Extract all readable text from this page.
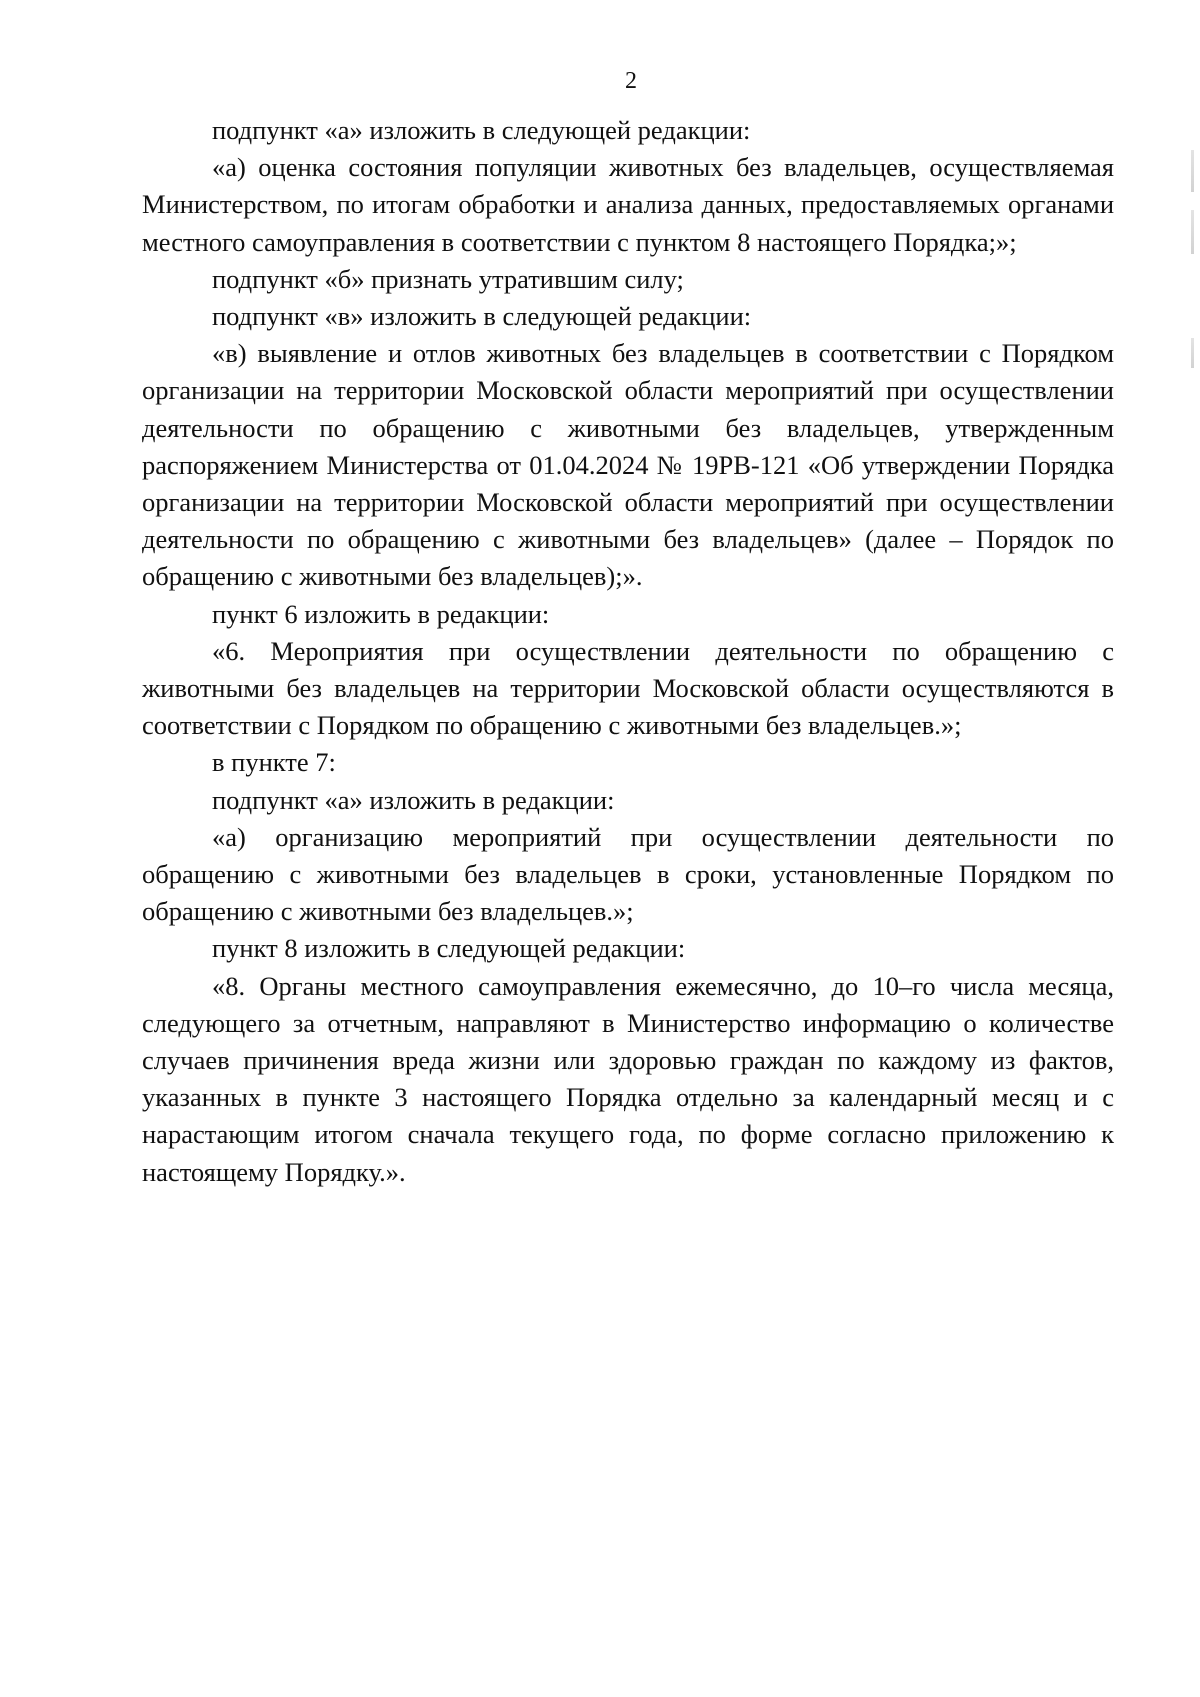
2

подпункт «а» изложить в следующей редакции:

«а) оценка состояния популяции животных без владельцев, осуществляемая Министерством, по итогам обработки и анализа данных, предоставляемых органами местного самоуправления в соответствии с пунктом 8 настоящего Порядка;»;

подпункт «б» признать утратившим силу;

подпункт «в» изложить в следующей редакции:

«в) выявление и отлов животных без владельцев в соответствии с Порядком организации на территории Московской области мероприятий при осуществлении деятельности по обращению с животными без владельцев, утвержденным распоряжением Министерства от 01.04.2024 № 19РВ-121 «Об утверждении Порядка организации на территории Московской области мероприятий при осуществлении деятельности по обращению с животными без владельцев» (далее – Порядок по обращению с животными без владельцев);».

пункт 6 изложить в редакции:

«6. Мероприятия при осуществлении деятельности по обращению с животными без владельцев на территории Московской области осуществляются в соответствии с Порядком по обращению с животными без владельцев.»;

в пункте 7:

подпункт «а» изложить в редакции:

«а) организацию мероприятий при осуществлении деятельности по обращению с животными без владельцев в сроки, установленные Порядком по обращению с животными без владельцев.»;

пункт 8 изложить в следующей редакции:

«8. Органы местного самоуправления ежемесячно, до 10–го числа месяца, следующего за отчетным, направляют в Министерство информацию о количестве случаев причинения вреда жизни или здоровью граждан по каждому из фактов, указанных в пункте 3 настоящего Порядка отдельно за календарный месяц и с нарастающим итогом сначала текущего года, по форме согласно приложению к настоящему Порядку.».
